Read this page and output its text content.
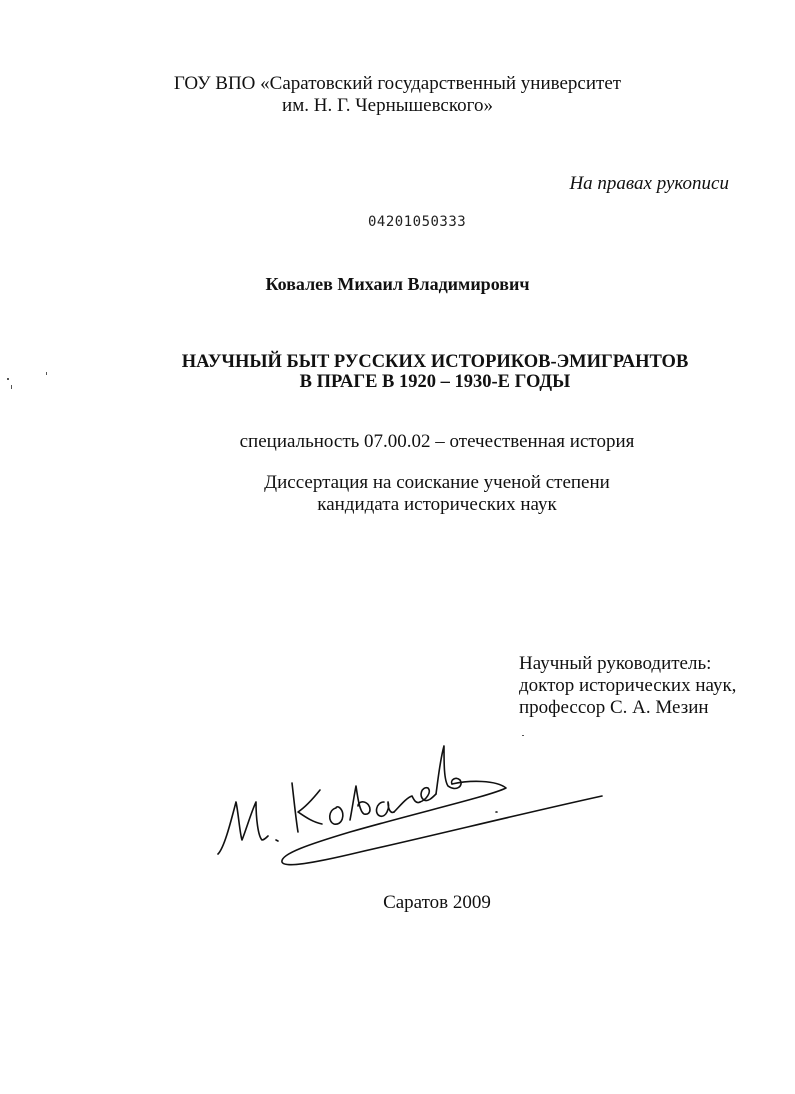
ГОУ ВПО «Саратовский государственный университет
им. Н. Г. Чернышевского»
На правах рукописи
04201050333
Ковалев Михаил Владимирович
НАУЧНЫЙ БЫТ РУССКИХ ИСТОРИКОВ-ЭМИГРАНТОВ
В ПРАГЕ В 1920 – 1930-Е ГОДЫ
специальность 07.00.02 – отечественная история
Диссертация на соискание ученой степени
кандидата исторических наук
Научный руководитель:
доктор исторических наук,
профессор С. А. Мезин
Саратов 2009
